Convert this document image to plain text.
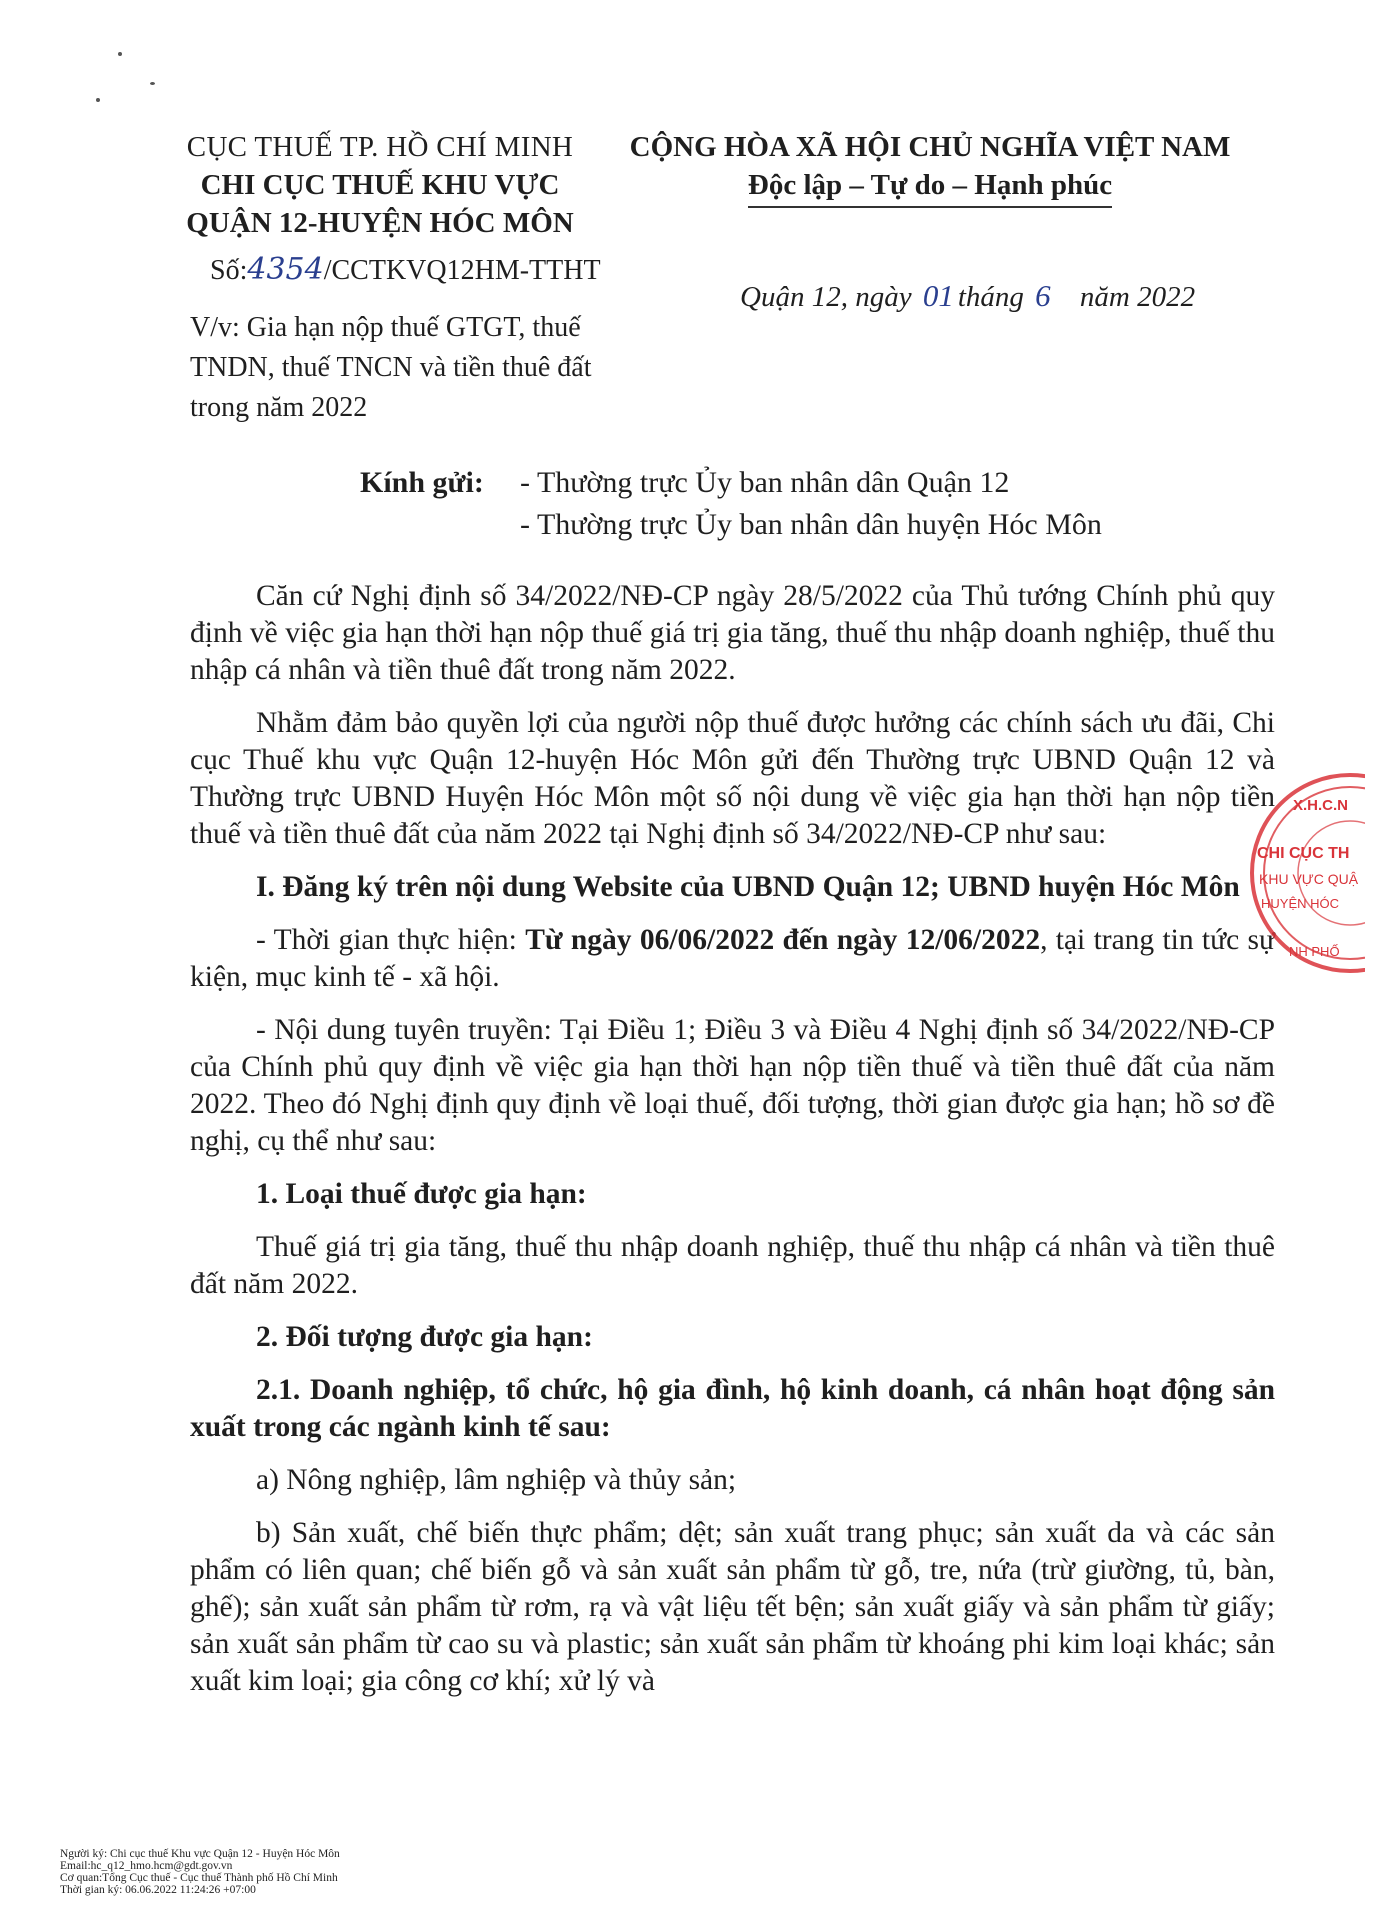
CỤC THUẾ TP. HỒ CHÍ MINH
CHI CỤC THUẾ KHU VỰC
QUẬN 12-HUYỆN HÓC MÔN
CỘNG HÒA XÃ HỘI CHỦ NGHĨA VIỆT NAM
Độc lập – Tự do – Hạnh phúc
Số:4354/CCTKVQ12HM-TTHT
Quận 12, ngày 01 tháng 6 năm 2022
V/v: Gia hạn nộp thuế GTGT, thuế TNDN, thuế TNCN và tiền thuê đất trong năm 2022
Kính gửi: - Thường trực Ủy ban nhân dân Quận 12
- Thường trực Ủy ban nhân dân huyện Hóc Môn

Căn cứ Nghị định số 34/2022/NĐ-CP ngày 28/5/2022 của Thủ tướng Chính phủ quy định về việc gia hạn thời hạn nộp thuế giá trị gia tăng, thuế thu nhập doanh nghiệp, thuế thu nhập cá nhân và tiền thuê đất trong năm 2022.

Nhằm đảm bảo quyền lợi của người nộp thuế được hưởng các chính sách ưu đãi, Chi cục Thuế khu vực Quận 12-huyện Hóc Môn gửi đến Thường trực UBND Quận 12 và Thường trực UBND Huyện Hóc Môn một số nội dung về việc gia hạn thời hạn nộp tiền thuế và tiền thuê đất của năm 2022 tại Nghị định số 34/2022/NĐ-CP như sau:

I. Đăng ký trên nội dung Website của UBND Quận 12; UBND huyện Hóc Môn

- Thời gian thực hiện: Từ ngày 06/06/2022 đến ngày 12/06/2022, tại trang tin tức sự kiện, mục kinh tế - xã hội.

- Nội dung tuyên truyền: Tại Điều 1; Điều 3 và Điều 4 Nghị định số 34/2022/NĐ-CP của Chính phủ quy định về việc gia hạn thời hạn nộp tiền thuế và tiền thuê đất của năm 2022. Theo đó Nghị định quy định về loại thuế, đối tượng, thời gian được gia hạn; hồ sơ đề nghị, cụ thể như sau:

1. Loại thuế được gia hạn:

Thuế giá trị gia tăng, thuế thu nhập doanh nghiệp, thuế thu nhập cá nhân và tiền thuê đất năm 2022.

2. Đối tượng được gia hạn:
2.1. Doanh nghiệp, tổ chức, hộ gia đình, hộ kinh doanh, cá nhân hoạt động sản xuất trong các ngành kinh tế sau:

a) Nông nghiệp, lâm nghiệp và thủy sản;

b) Sản xuất, chế biến thực phẩm; dệt; sản xuất trang phục; sản xuất da và các sản phẩm có liên quan; chế biến gỗ và sản xuất sản phẩm từ gỗ, tre, nứa (trừ giường, tủ, bàn, ghế); sản xuất sản phẩm từ rơm, rạ và vật liệu tết bện; sản xuất giấy và sản phẩm từ giấy; sản xuất sản phẩm từ cao su và plastic; sản xuất sản phẩm từ khoáng phi kim loại khác; sản xuất kim loại; gia công cơ khí; xử lý và

X.H.C.N
CHI CỤC TH
KHU VỰC QUẬ
HUYỆN HÓC
NH PHỐ
Người ký: Chi cục thuế Khu vực Quận 12 - Huyện Hóc Môn
Email:hc_q12_hmo.hcm@gdt.gov.vn
Cơ quan:Tổng Cục thuế - Cục thuế Thành phố Hồ Chí Minh
Thời gian ký: 06.06.2022 11:24:26 +07:00
